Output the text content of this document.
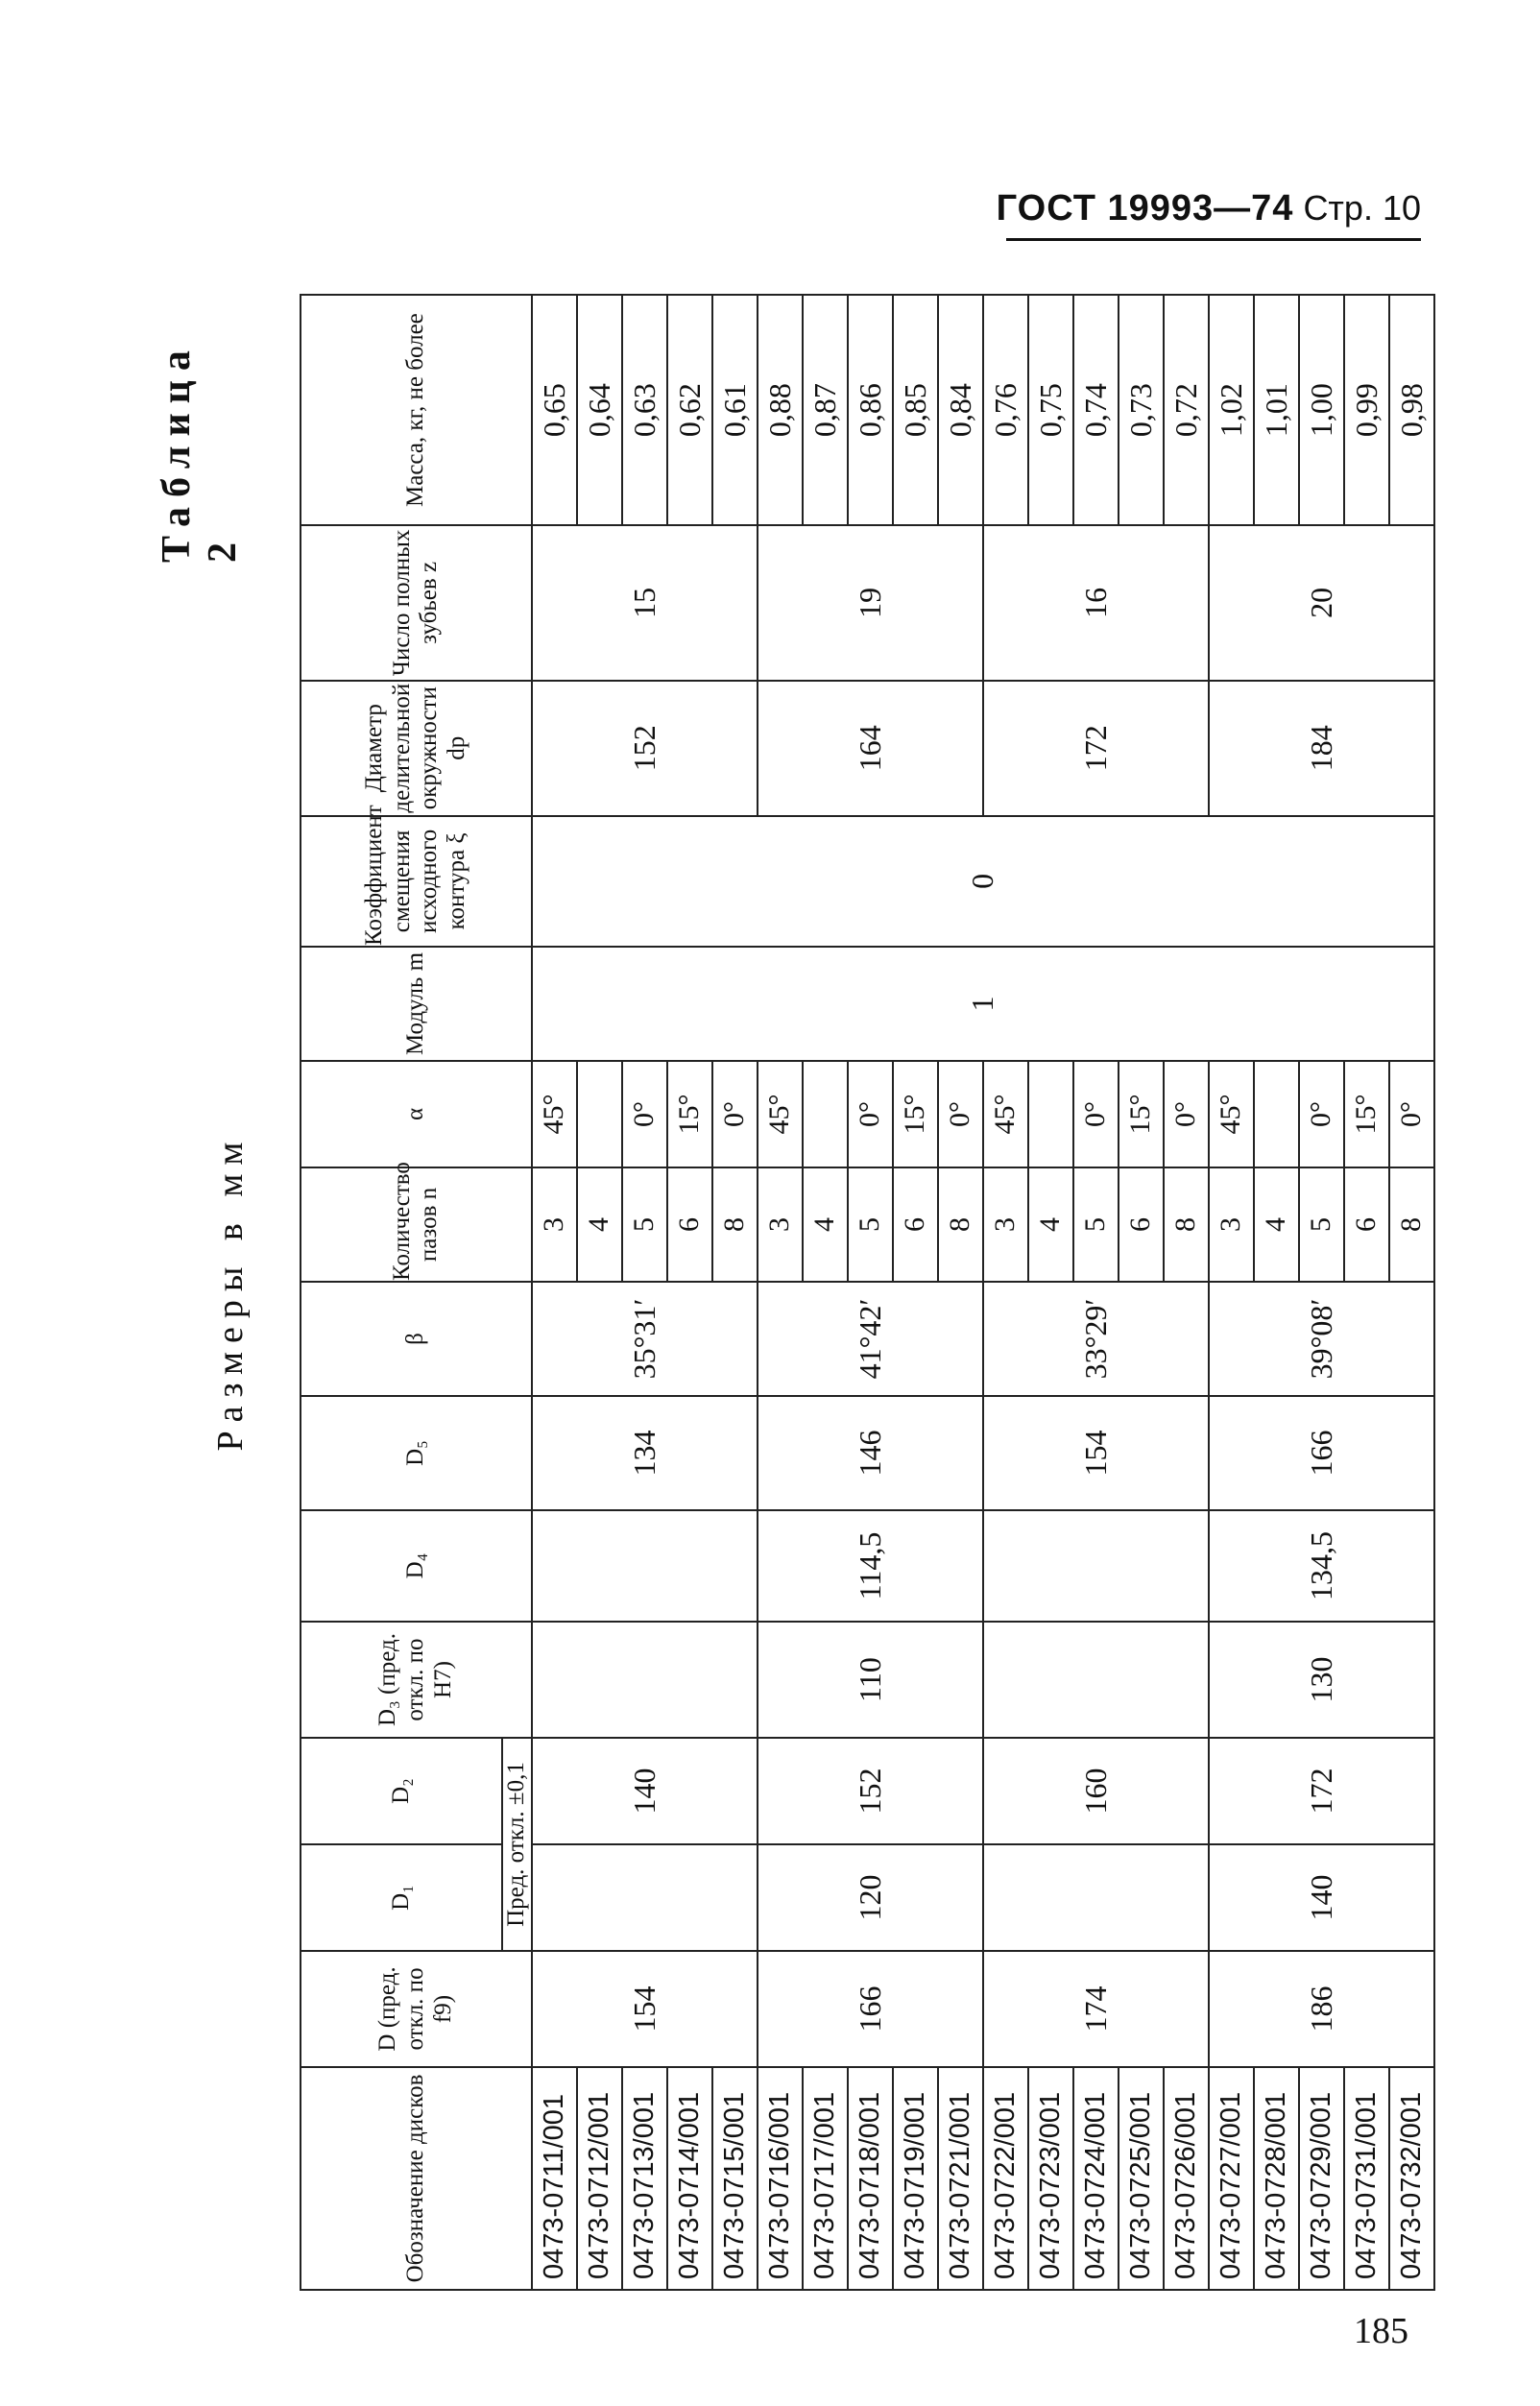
ГОСТ 19993—74 Стр. 10
Таблица 2
Размеры в мм
Обозначение дисков	D (пред. откл. по f9)	D₁	D₂	D₃ (пред. откл. по H7)	D₄	D₅	β	Количество пазов n	α	Модуль m	Коэффициент смещения исходного контура ξ	Диаметр делительной окружности dp	Число полных зубьев z	Масса, кг, не более
		Пред. откл. ±0,1												
0473-0711/001	154		140			134	35°31′	3	45°	1	0	152	15	0,65
0473-0712/001								4						0,64
0473-0713/001								5	0°					0,63
0473-0714/001								6	15°					0,62
0473-0715/001								8	0°					0,61
0473-0716/001	166	120	152	110	114,5	146	41°42′	3	45°			164	19	0,88
0473-0717/001								4						0,87
0473-0718/001								5	0°					0,86
0473-0719/001								6	15°					0,85
0473-0721/001								8	0°					0,84
0473-0722/001	174		160			154	33°29′	3	45°			172	16	0,76
0473-0723/001								4						0,75
0473-0724/001								5	0°					0,74
0473-0725/001								6	15°					0,73
0473-0726/001								8	0°					0,72
0473-0727/001	186	140	172	130	134,5	166	39°08′	3	45°			184	20	1,02
0473-0728/001								4						1,01
0473-0729/001								5	0°					1,00
0473-0731/001								6	15°					0,99
0473-0732/001								8	0°					0,98
185
